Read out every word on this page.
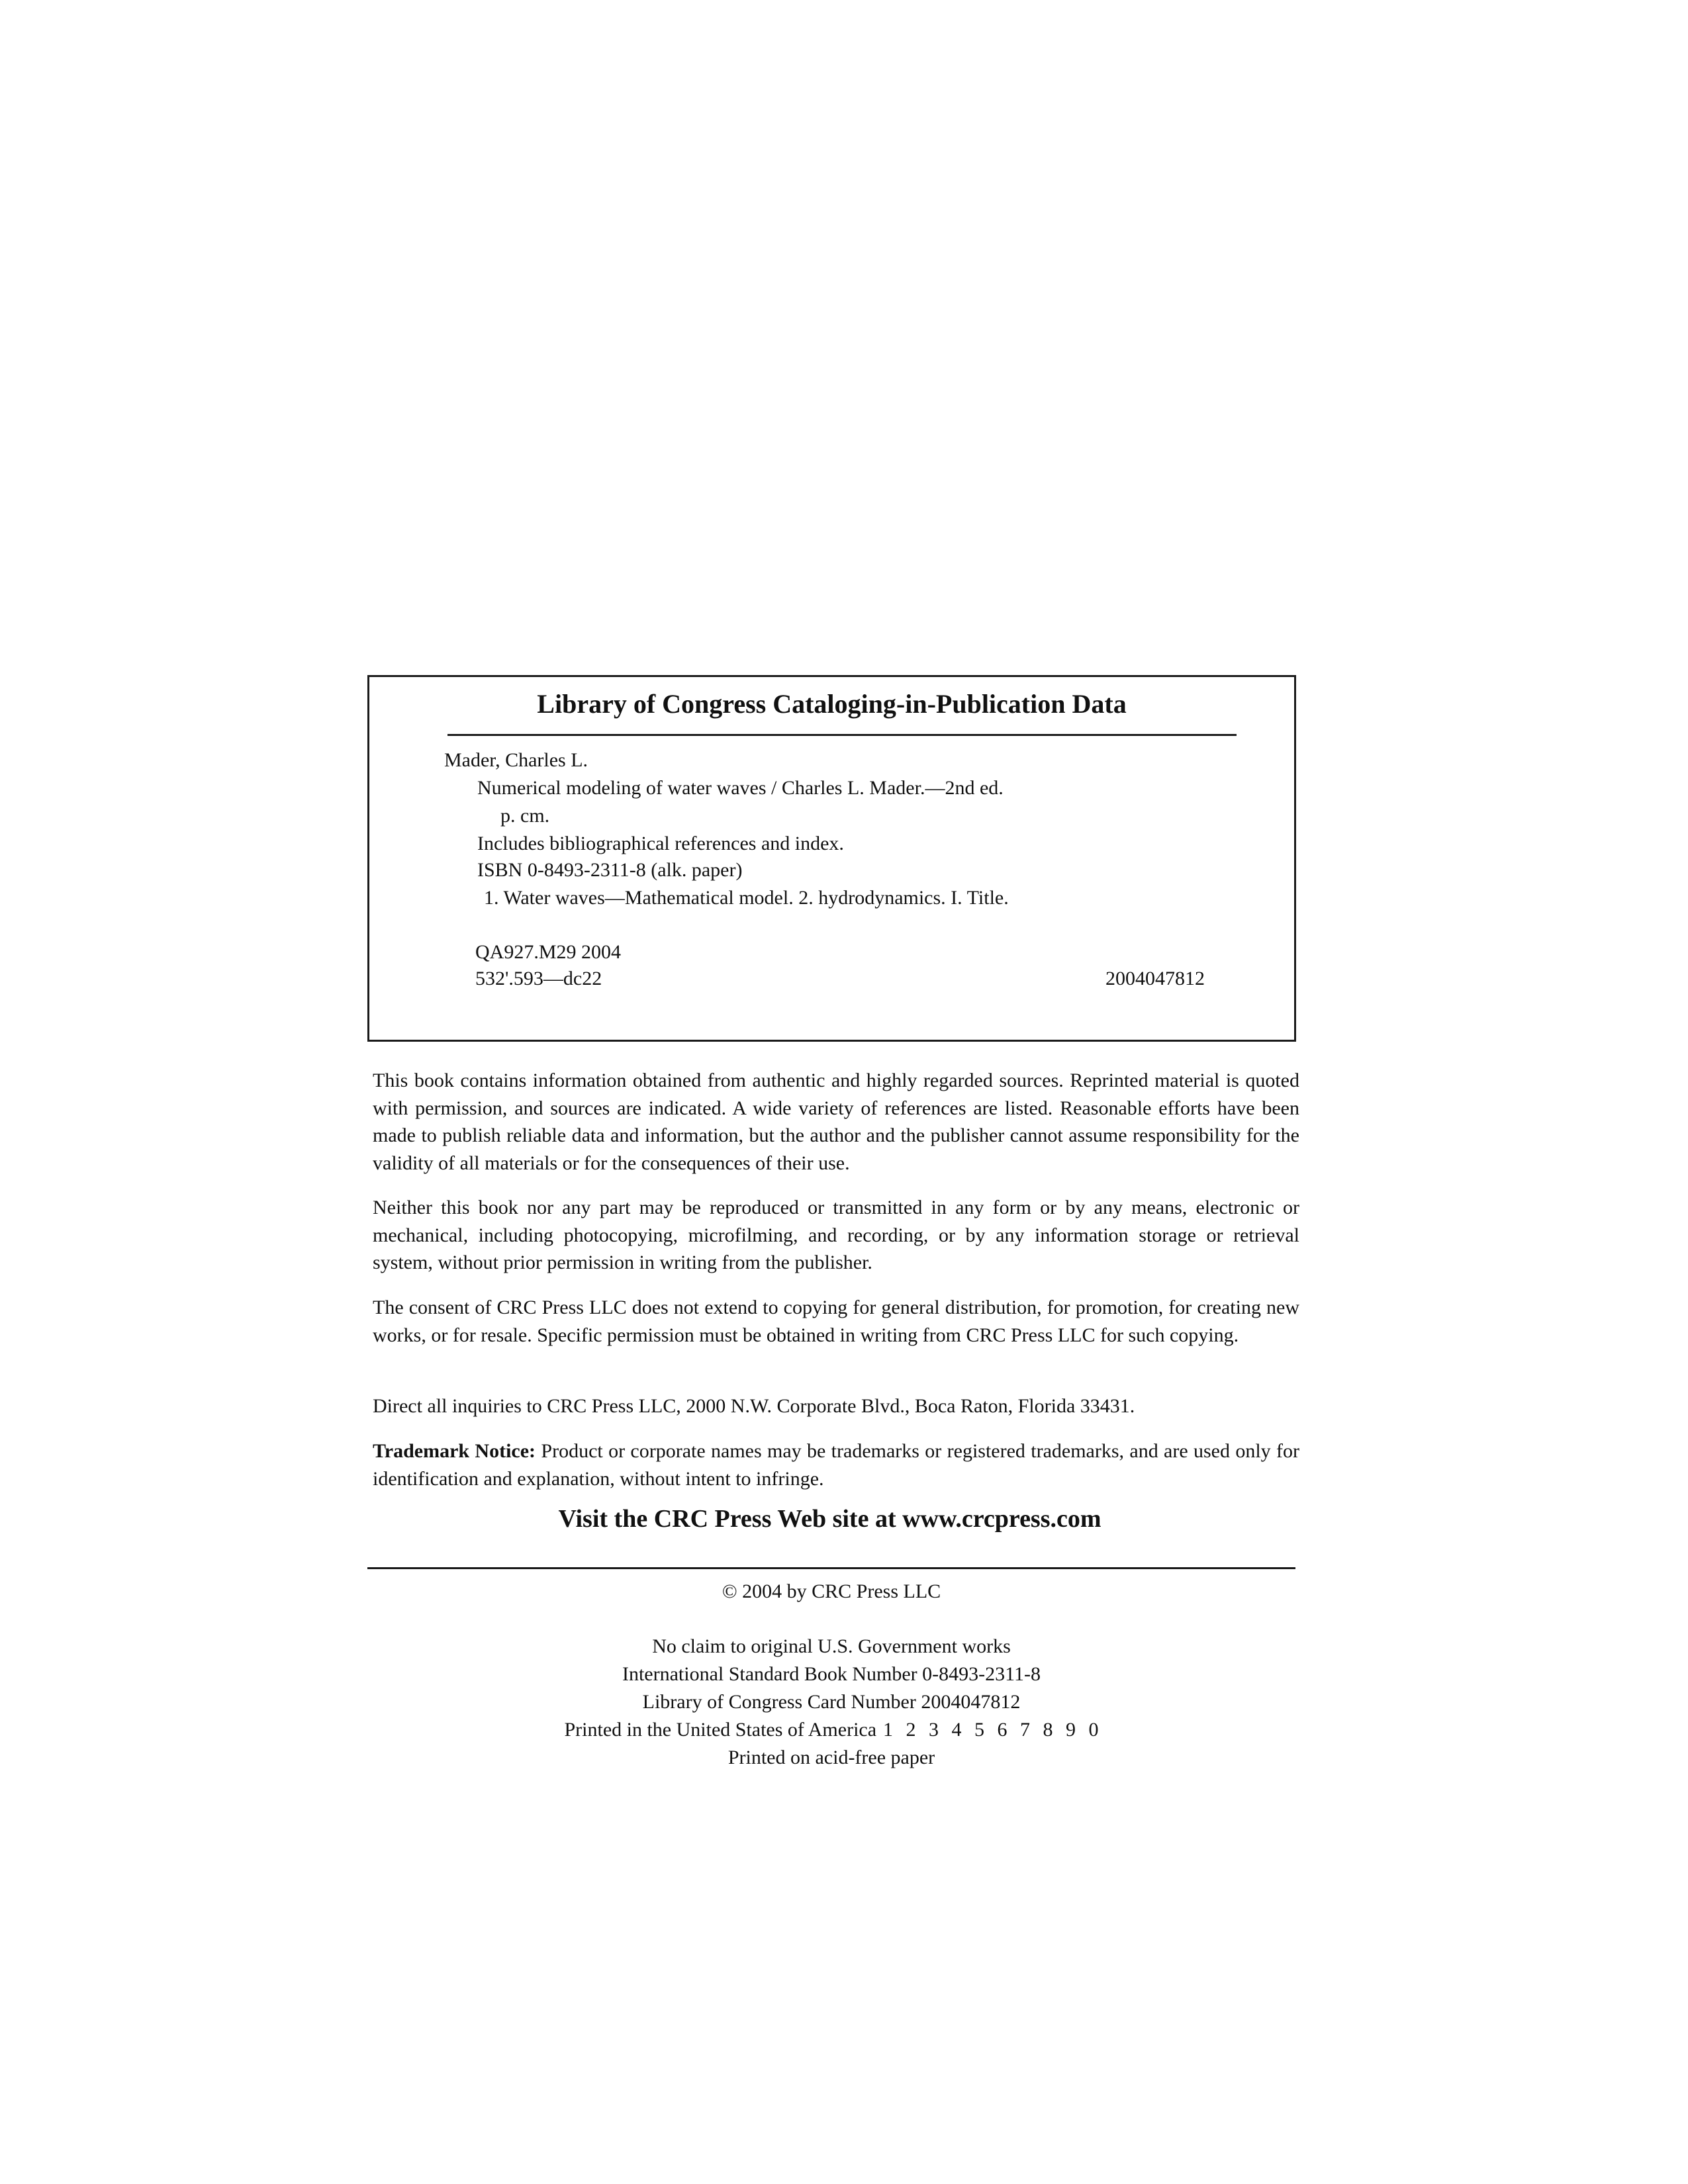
Library of Congress Cataloging-in-Publication Data
Mader, Charles L.
Numerical modeling of water waves / Charles L. Mader.—2nd ed.
p. cm.
Includes bibliographical references and index.
ISBN 0-8493-2311-8 (alk. paper)
1. Water waves—Mathematical model. 2. hydrodynamics. I. Title.
QA927.M29 2004
532'.593—dc22	2004047812

This book contains information obtained from authentic and highly regarded sources. Reprinted material is quoted with permission, and sources are indicated. A wide variety of references are listed. Reasonable efforts have been made to publish reliable data and information, but the author and the publisher cannot assume responsibility for the validity of all materials or for the consequences of their use.

Neither this book nor any part may be reproduced or transmitted in any form or by any means, electronic or mechanical, including photocopying, microfilming, and recording, or by any information storage or retrieval system, without prior permission in writing from the publisher.

The consent of CRC Press LLC does not extend to copying for general distribution, for promotion, for creating new works, or for resale. Specific permission must be obtained in writing from CRC Press LLC for such copying.

Direct all inquiries to CRC Press LLC, 2000 N.W. Corporate Blvd., Boca Raton, Florida 33431.

Trademark Notice: Product or corporate names may be trademarks or registered trademarks, and are used only for identification and explanation, without intent to infringe.

Visit the CRC Press Web site at www.crcpress.com
© 2004 by CRC Press LLC
No claim to original U.S. Government works
International Standard Book Number 0-8493-2311-8
Library of Congress Card Number 2004047812
Printed in the United States of America 1 2 3 4 5 6 7 8 9 0
Printed on acid-free paper
